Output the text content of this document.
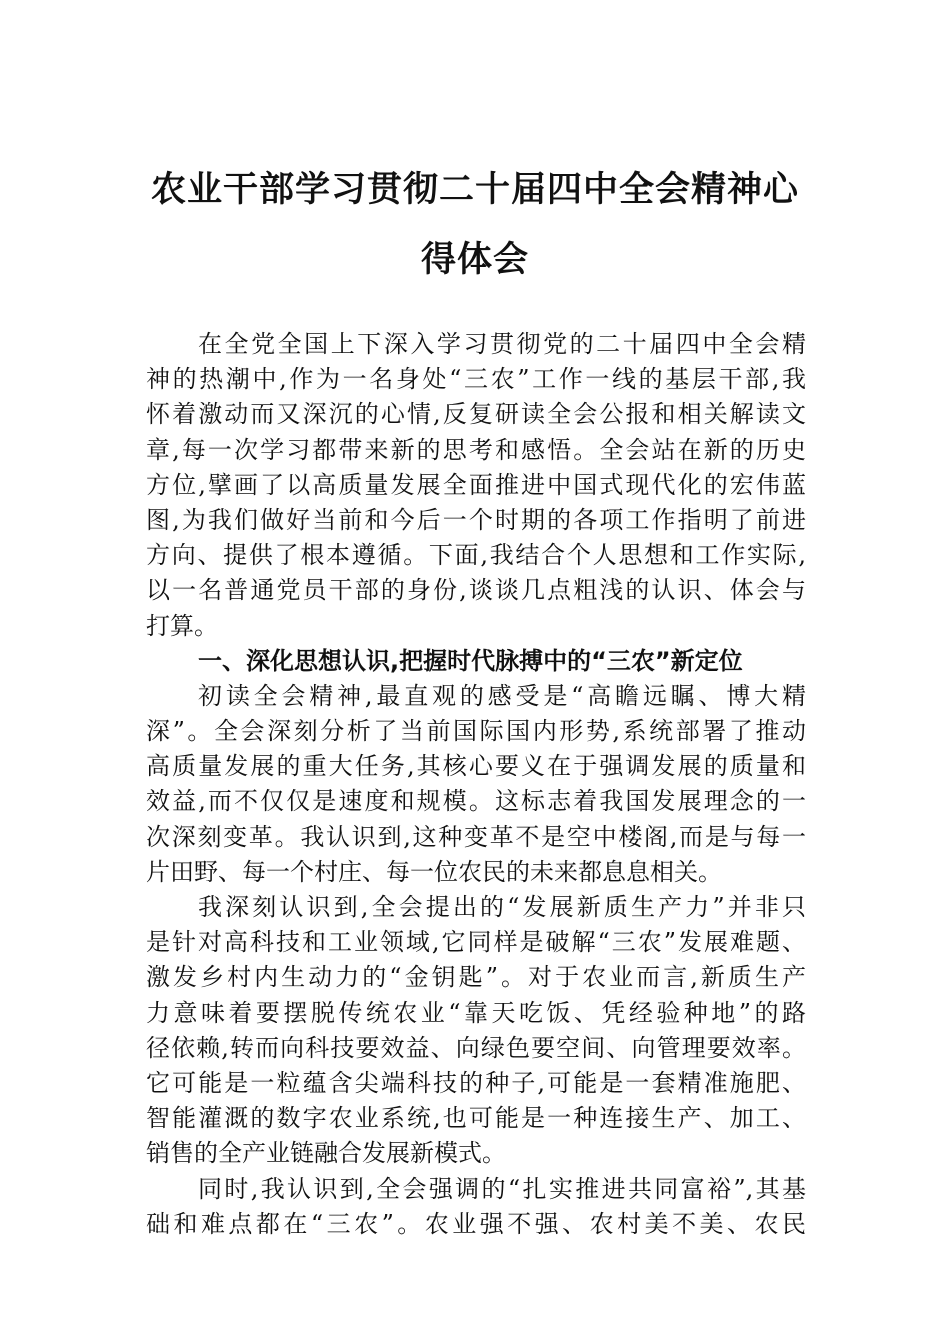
农业干部学习贯彻二十届四中全会精神心
得体会
在全党全国上下深入学习贯彻党的二十届四中全会精
神的热潮中,作为一名身处“三农”工作一线的基层干部,我
怀着激动而又深沉的心情,反复研读全会公报和相关解读文
章,每一次学习都带来新的思考和感悟。全会站在新的历史
方位,擘画了以高质量发展全面推进中国式现代化的宏伟蓝
图,为我们做好当前和今后一个时期的各项工作指明了前进
方向、提供了根本遵循。下面,我结合个人思想和工作实际,
以一名普通党员干部的身份,谈谈几点粗浅的认识、体会与
打算。
一、深化思想认识,把握时代脉搏中的“三农”新定位
初读全会精神,最直观的感受是“高瞻远瞩、博大精
深”。全会深刻分析了当前国际国内形势,系统部署了推动
高质量发展的重大任务,其核心要义在于强调发展的质量和
效益,而不仅仅是速度和规模。这标志着我国发展理念的一
次深刻变革。我认识到,这种变革不是空中楼阁,而是与每一
片田野、每一个村庄、每一位农民的未来都息息相关。
我深刻认识到,全会提出的“发展新质生产力”并非只
是针对高科技和工业领域,它同样是破解“三农”发展难题、
激发乡村内生动力的“金钥匙”。对于农业而言,新质生产
力意味着要摆脱传统农业“靠天吃饭、凭经验种地”的路
径依赖,转而向科技要效益、向绿色要空间、向管理要效率。
它可能是一粒蕴含尖端科技的种子,可能是一套精准施肥、
智能灌溉的数字农业系统,也可能是一种连接生产、加工、
销售的全产业链融合发展新模式。
同时,我认识到,全会强调的“扎实推进共同富裕”,其基
础和难点都在“三农”。农业强不强、农村美不美、农民
